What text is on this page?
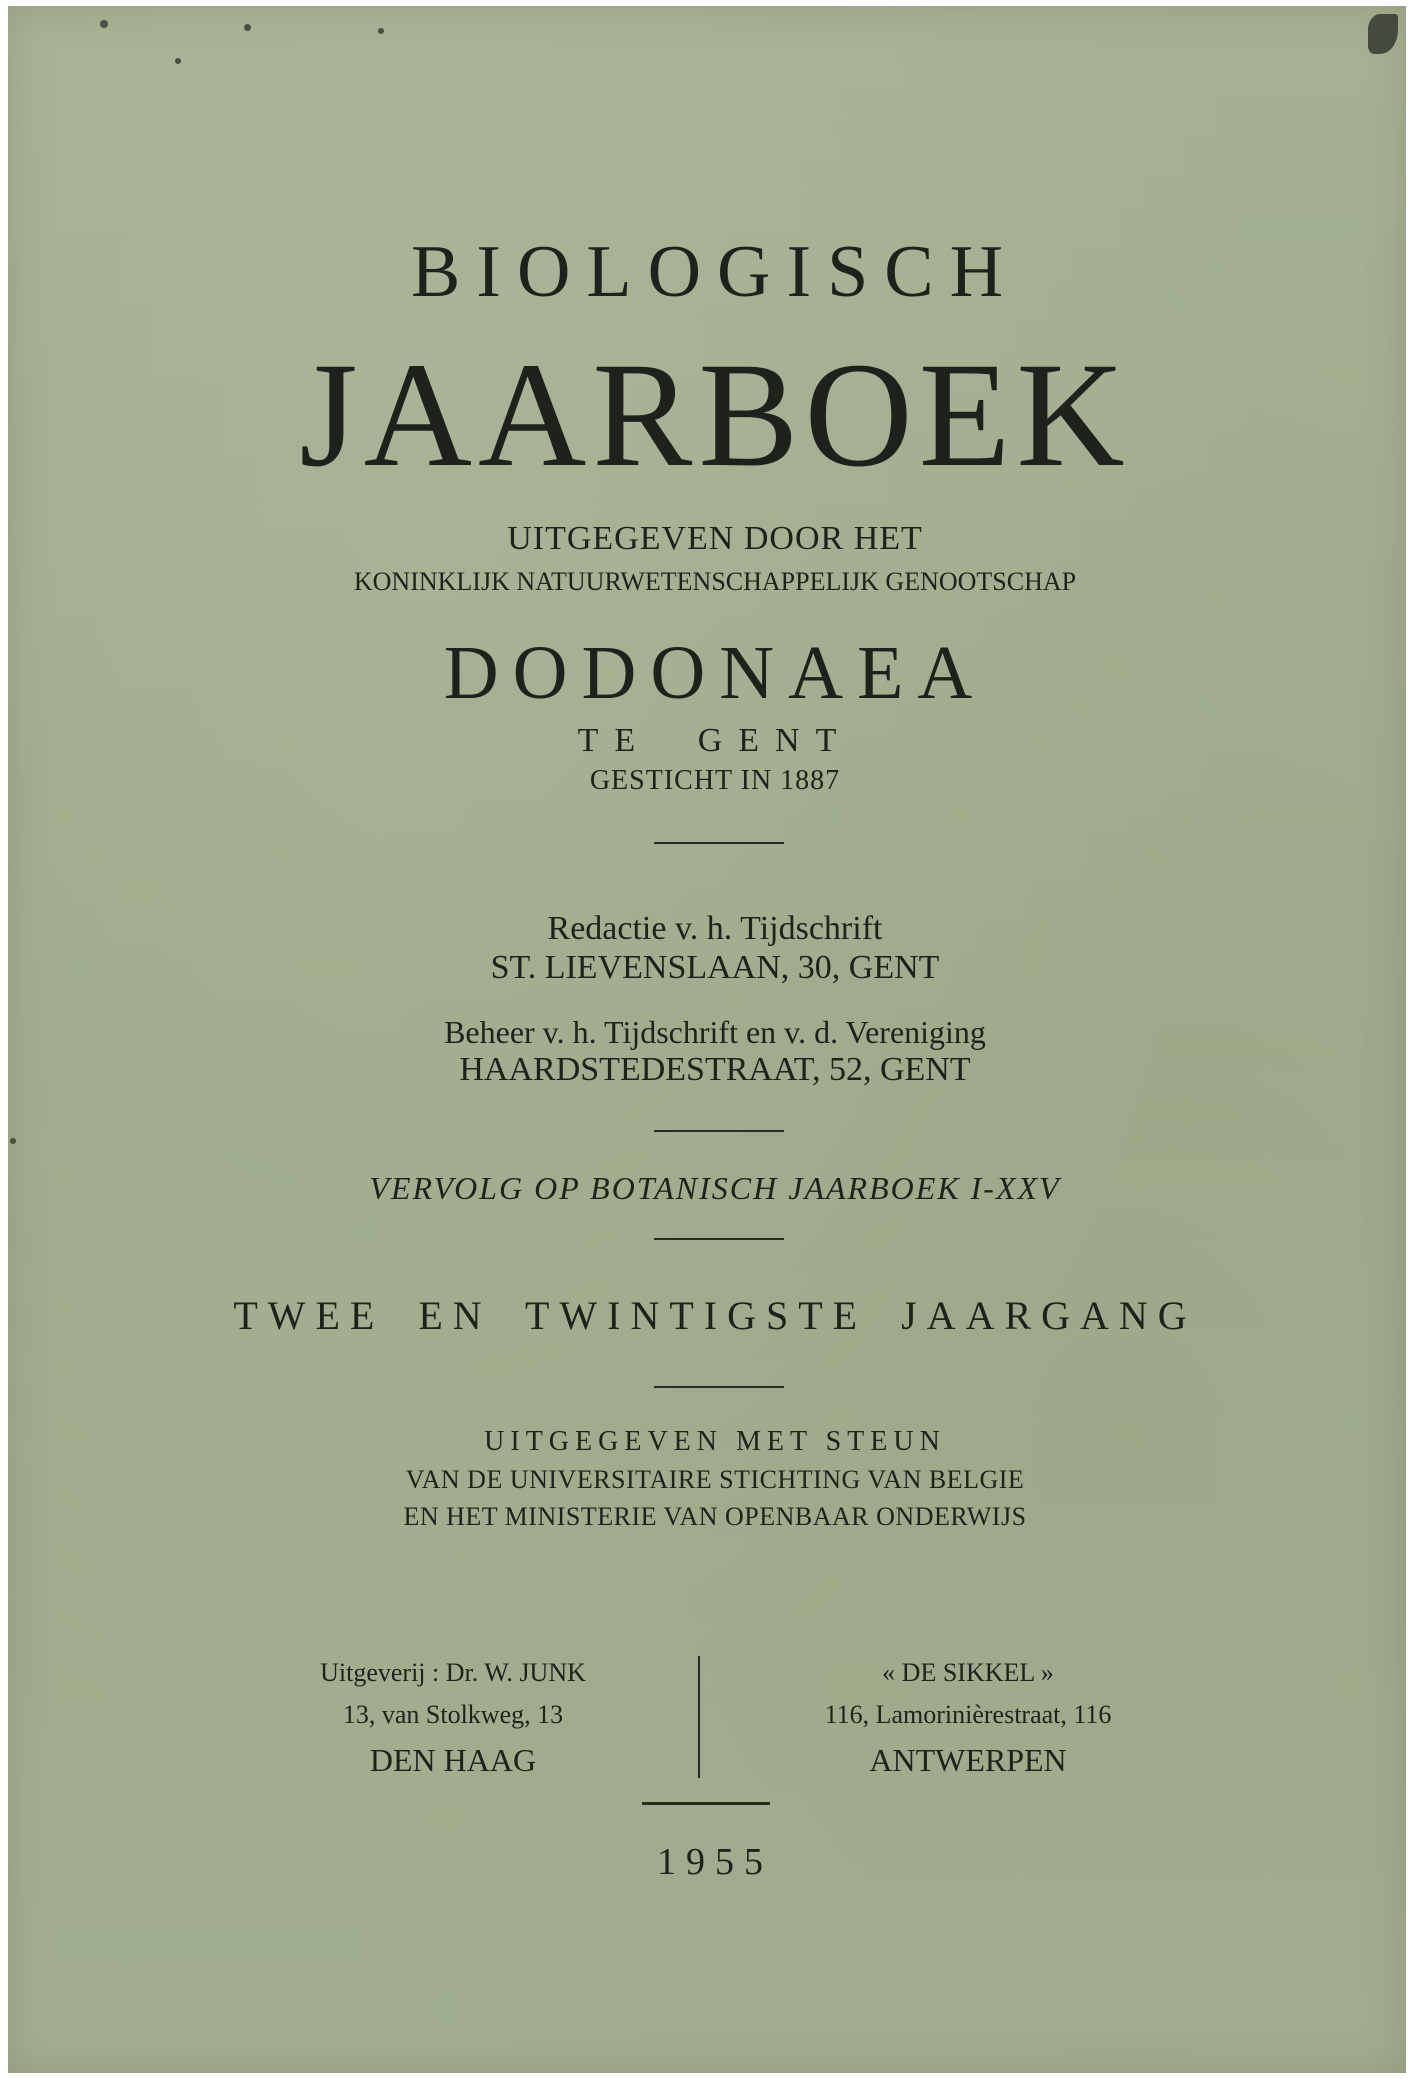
BIOLOGISCH
JAARBOEK
UITGEGEVEN DOOR HET
KONINKLIJK NATUURWETENSCHAPPELIJK GENOOTSCHAP
DODONAEA
TE GENT
GESTICHT IN 1887
Redactie v. h. Tijdschrift
ST. LIEVENSLAAN, 30, GENT
Beheer v. h. Tijdschrift en v. d. Vereniging
HAARDSTEDESTRAAT, 52, GENT
VERVOLG OP BOTANISCH JAARBOEK I-XXV
TWEE EN TWINTIGSTE JAARGANG
UITGEGEVEN MET STEUN
VAN DE UNIVERSITAIRE STICHTING VAN BELGIE
EN HET MINISTERIE VAN OPENBAAR ONDERWIJS
Uitgeverij : Dr. W. JUNK
13, van Stolkweg, 13
DEN HAAG
« DE SIKKEL »
116, Lamorinièrestraat, 116
ANTWERPEN
1955
